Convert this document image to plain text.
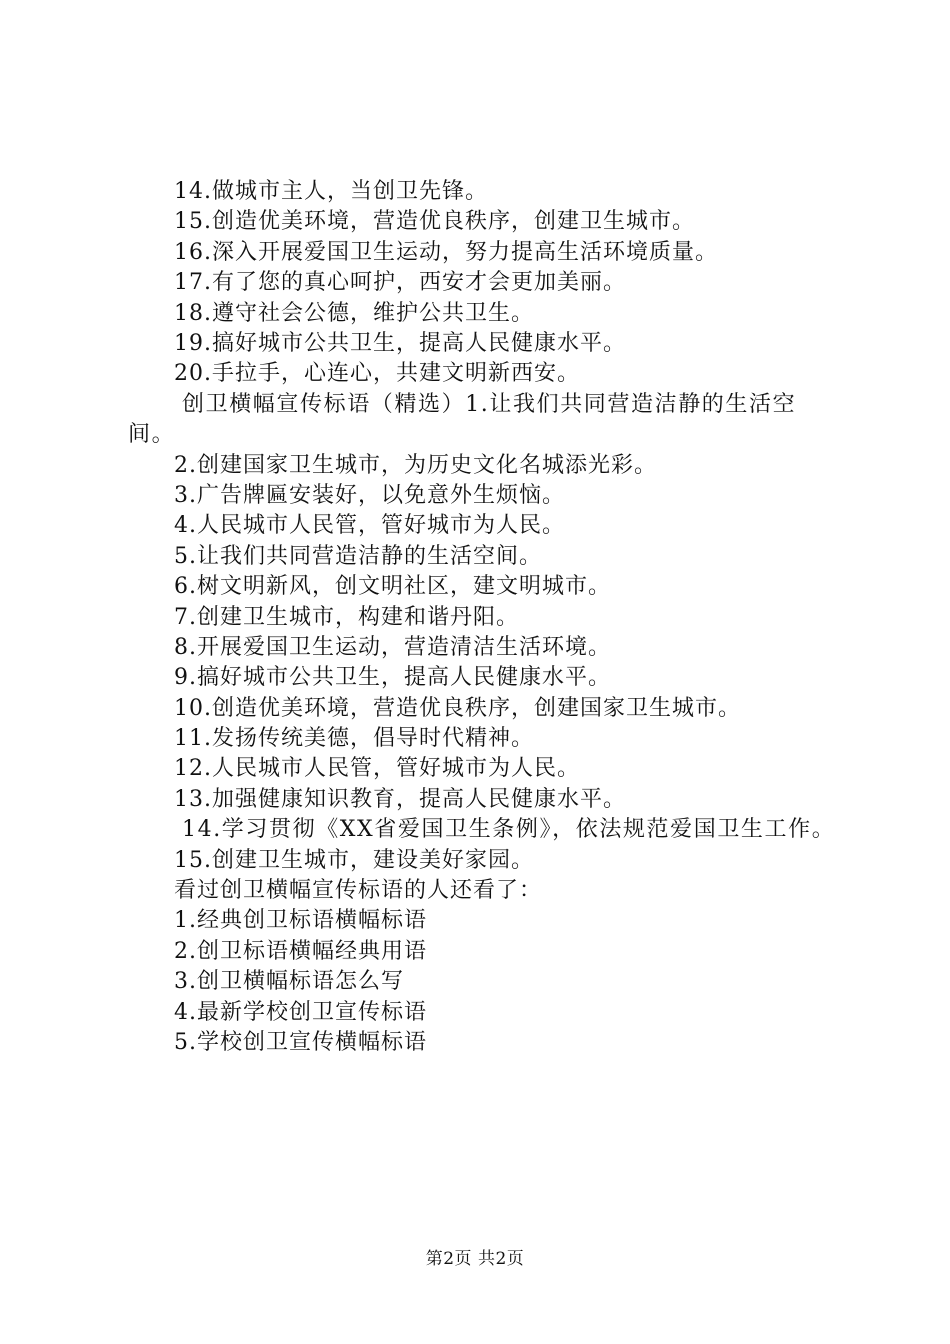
14.做城市主人，当创卫先锋。
15.创造优美环境，营造优良秩序，创建卫生城市。
16.深入开展爱国卫生运动，努力提高生活环境质量。
17.有了您的真心呵护，西安才会更加美丽。
18.遵守社会公德，维护公共卫生。
19.搞好城市公共卫生，提高人民健康水平。
20.手拉手，心连心，共建文明新西安。
创卫横幅宣传标语（精选）1.让我们共同营造洁静的生活空间。
2.创建国家卫生城市，为历史文化名城添光彩。
3.广告牌匾安装好，以免意外生烦恼。
4.人民城市人民管，管好城市为人民。
5.让我们共同营造洁静的生活空间。
6.树文明新风，创文明社区，建文明城市。
7.创建卫生城市，构建和谐丹阳。
8.开展爱国卫生运动，营造清洁生活环境。
9.搞好城市公共卫生，提高人民健康水平。
10.创造优美环境，营造优良秩序，创建国家卫生城市。
11.发扬传统美德，倡导时代精神。
12.人民城市人民管，管好城市为人民。
13.加强健康知识教育，提高人民健康水平。
14.学习贯彻《XX省爱国卫生条例》，依法规范爱国卫生工作。
15.创建卫生城市，建设美好家园。
看过创卫横幅宣传标语的人还看了：
1.经典创卫标语横幅标语
2.创卫标语横幅经典用语
3.创卫横幅标语怎么写
4.最新学校创卫宣传标语
5.学校创卫宣传横幅标语
第2页 共2页
